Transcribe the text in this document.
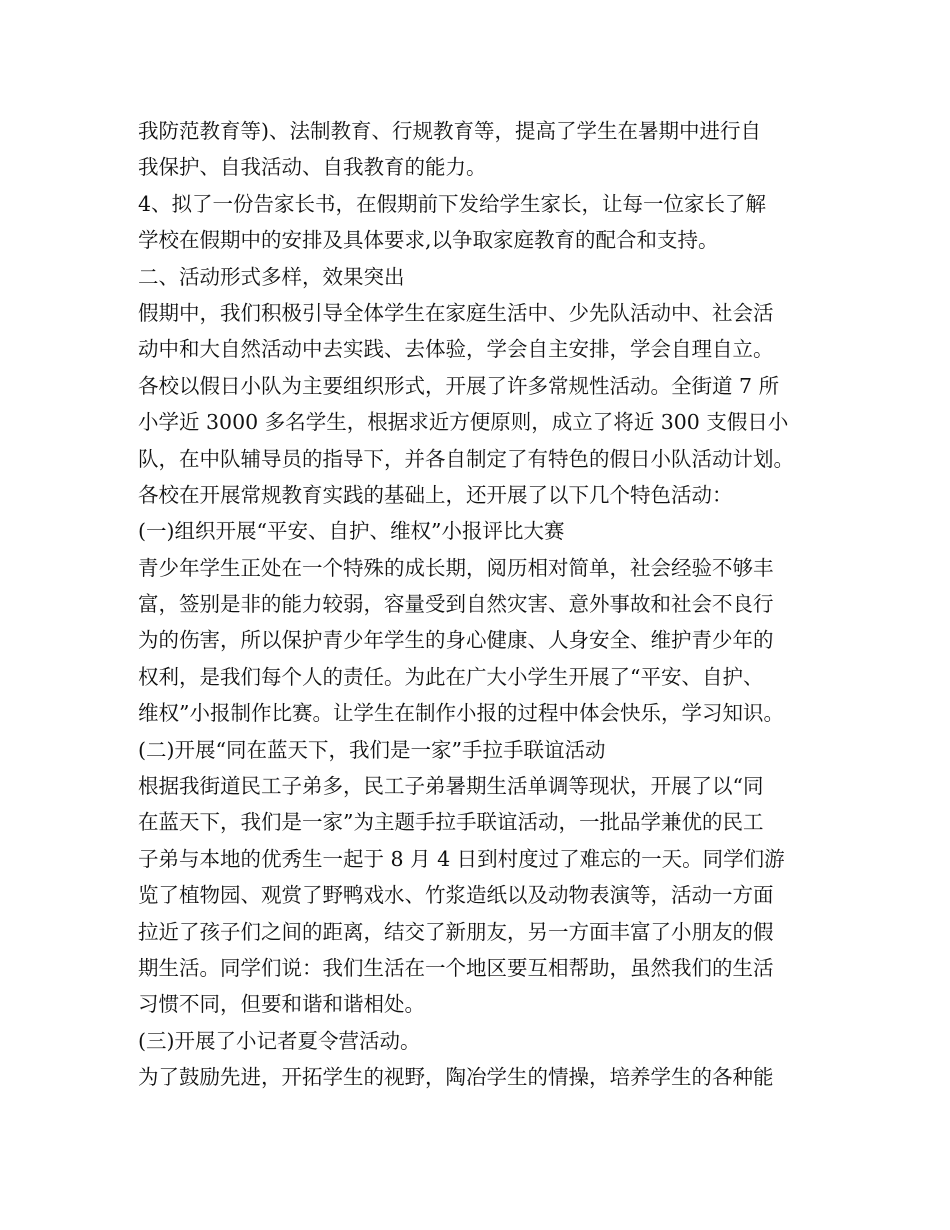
我防范教育等)、法制教育、行规教育等，提高了学生在暑期中进行自
我保护、自我活动、自我教育的能力。
4、拟了一份告家长书，在假期前下发给学生家长，让每一位家长了解
学校在假期中的安排及具体要求,以争取家庭教育的配合和支持。
二、活动形式多样，效果突出
假期中，我们积极引导全体学生在家庭生活中、少先队活动中、社会活
动中和大自然活动中去实践、去体验，学会自主安排，学会自理自立。
各校以假日小队为主要组织形式，开展了许多常规性活动。全街道 7 所
小学近 3000 多名学生，根据求近方便原则，成立了将近 300 支假日小
队，在中队辅导员的指导下，并各自制定了有特色的假日小队活动计划。
各校在开展常规教育实践的基础上，还开展了以下几个特色活动：
(一)组织开展“平安、自护、维权”小报评比大赛
青少年学生正处在一个特殊的成长期，阅历相对简单，社会经验不够丰
富，签别是非的能力较弱，容量受到自然灾害、意外事故和社会不良行
为的伤害，所以保护青少年学生的身心健康、人身安全、维护青少年的
权利，是我们每个人的责任。为此在广大小学生开展了“平安、自护、
维权”小报制作比赛。让学生在制作小报的过程中体会快乐，学习知识。
(二)开展“同在蓝天下，我们是一家”手拉手联谊活动
根据我街道民工子弟多，民工子弟暑期生活单调等现状，开展了以“同
在蓝天下，我们是一家”为主题手拉手联谊活动，一批品学兼优的民工
子弟与本地的优秀生一起于 8 月 4 日到村度过了难忘的一天。同学们游
览了植物园、观赏了野鸭戏水、竹浆造纸以及动物表演等，活动一方面
拉近了孩子们之间的距离，结交了新朋友，另一方面丰富了小朋友的假
期生活。同学们说：我们生活在一个地区要互相帮助，虽然我们的生活
习惯不同，但要和谐和谐相处。
(三)开展了小记者夏令营活动。
为了鼓励先进，开拓学生的视野，陶冶学生的情操，培养学生的各种能
